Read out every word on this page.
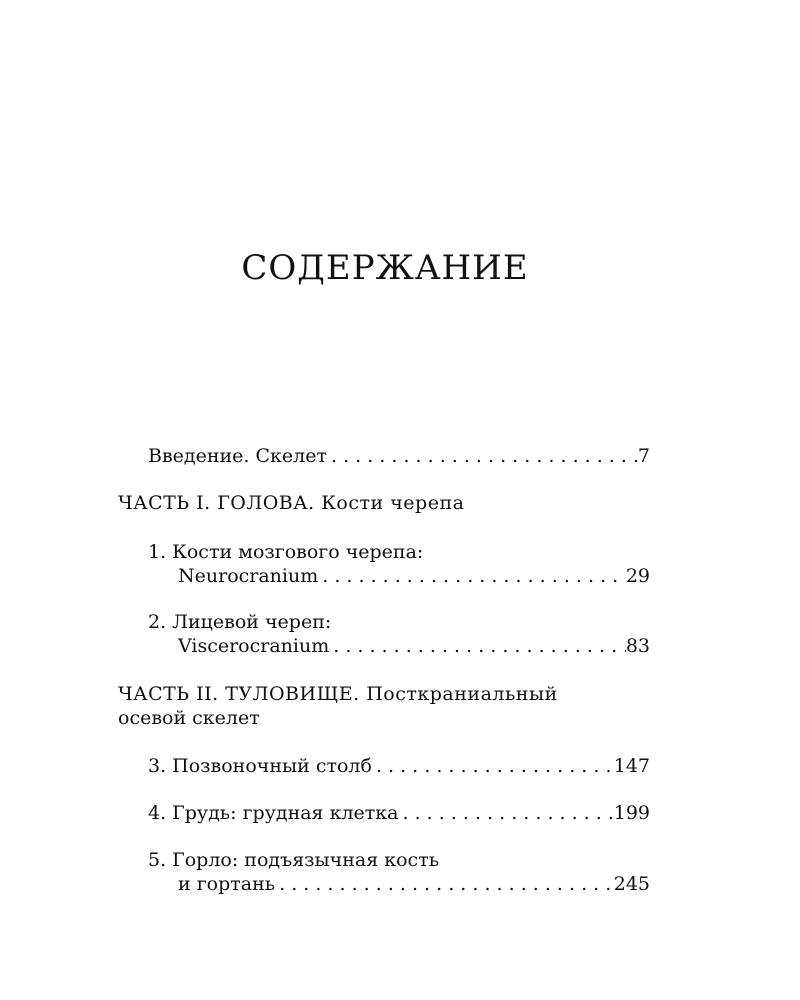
СОДЕРЖАНИЕ
Введение. Скелет . . .	7
ЧАСТЬ I. ГОЛОВА. Кости черепа
1. Кости мозгового черепа:
Neurocranium . . .	29
2. Лицевой череп:
Viscerocranium . . .	83
ЧАСТЬ II. ТУЛОВИЩЕ. Посткраниальный
осевой скелет
3. Позвоночный столб . . .	147
4. Грудь: грудная клетка . . .	199
5. Горло: подъязычная кость
и гортань . . .	245
